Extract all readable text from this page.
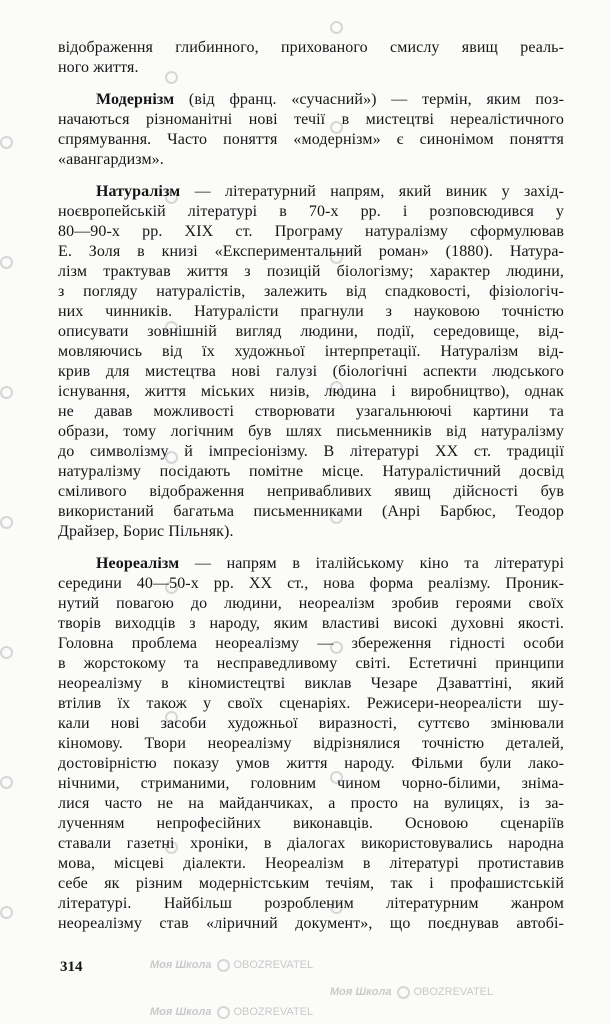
Моя Школа OBOZREVATEL
Моя Школа OBOZREVATEL
Моя Школа OBOZREVATEL
відображення глибинного, прихованого смислу явищ реаль-
ного життя.
Модернізм (від франц. «сучасний») — термін, яким поз-
начаються різноманітні нові течії в мистецтві нереалістичного
спрямування. Часто поняття «модернізм» є синонімом поняття
«авангардизм».
Натуралізм — літературний напрям, який виник у захід-
ноєвропейській літературі в 70-х рр. і розповсюдився у
80—90-х рр. XIX ст. Програму натуралізму сформулював
Е. Золя в книзі «Експериментальний роман» (1880). Натура-
лізм трактував життя з позицій біологізму; характер людини,
з погляду натуралістів, залежить від спадковості, фізіологіч-
них чинників. Натуралісти прагнули з науковою точністю
описувати зовнішній вигляд людини, події, середовище, від-
мовляючись від їх художньої інтерпретації. Натуралізм від-
крив для мистецтва нові галузі (біологічні аспекти людського
існування, життя міських низів, людина і виробництво), однак
не давав можливості створювати узагальнюючі картини та
образи, тому логічним був шлях письменників від натуралізму
до символізму й імпресіонізму. В літературі XX ст. традиції
натуралізму посідають помітне місце. Натуралістичний досвід
сміливого відображення непривабливих явищ дійсності був
використаний багатьма письменниками (Анрі Барбюс, Теодор
Драйзер, Борис Пільняк).
Неореалізм — напрям в італійському кіно та літературі
середини 40—50-х рр. XX ст., нова форма реалізму. Проник-
нутий повагою до людини, неореалізм зробив героями своїх
творів виходців з народу, яким властиві високі духовні якості.
Головна проблема неореалізму — збереження гідності особи
в жорстокому та несправедливому світі. Естетичні принципи
неореалізму в кіномистецтві виклав Чезаре Дзаваттіні, який
втілив їх також у своїх сценаріях. Режисери-неореалісти шу-
кали нові засоби художньої виразності, суттєво змінювали
кіномову. Твори неореалізму відрізнялися точністю деталей,
достовірністю показу умов життя народу. Фільми були лако-
нічними, стриманими, головним чином чорно-білими, зніма-
лися часто не на майданчиках, а просто на вулицях, із за-
лученням непрофесійних виконавців. Основою сценаріїв
ставали газетні хроніки, в діалогах використовувались народна
мова, місцеві діалекти. Неореалізм в літературі протиставив
себе як різним модерністським течіям, так і профашистській
літературі. Найбільш розробленим літературним жанром
неореалізму став «ліричний документ», що поєднував автобі-
314
